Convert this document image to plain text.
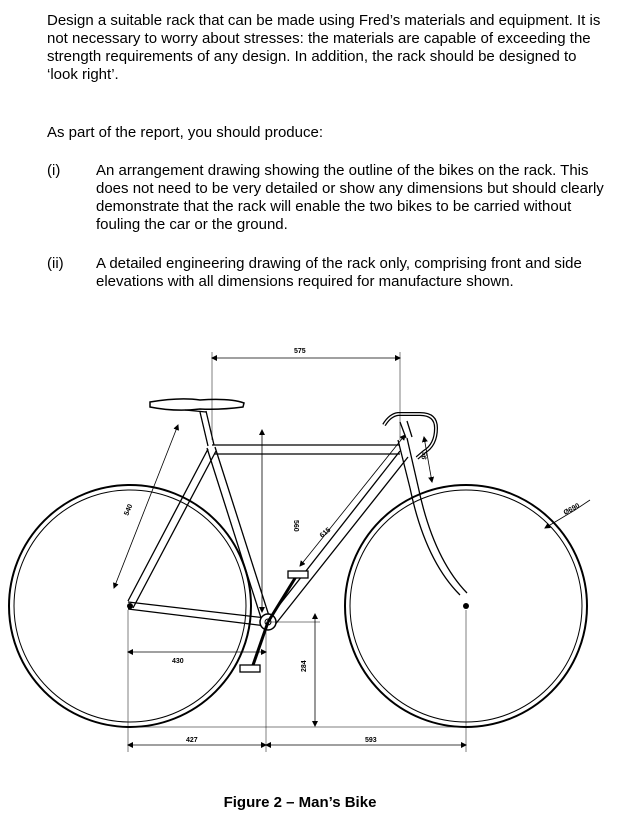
Design a suitable rack that can be made using Fred’s materials and equipment. It is not necessary to worry about stresses: the materials are capable of exceeding the strength requirements of any design. In addition, the rack should be designed to ‘look right’.

As part of the report, you should produce:

(i) An arrangement drawing showing the outline of the bikes on the rack. This does not need to be very detailed or show any dimensions but should clearly demonstrate that the rack will enable the two bikes to be carried without fouling the car or the ground.
(ii) A detailed engineering drawing of the rack only, comprising front and side elevations with all dimensions required for manufacture shown.
575
540
560
615
95
Ø690
430	284
427	593
Figure 2 – Man’s Bike
